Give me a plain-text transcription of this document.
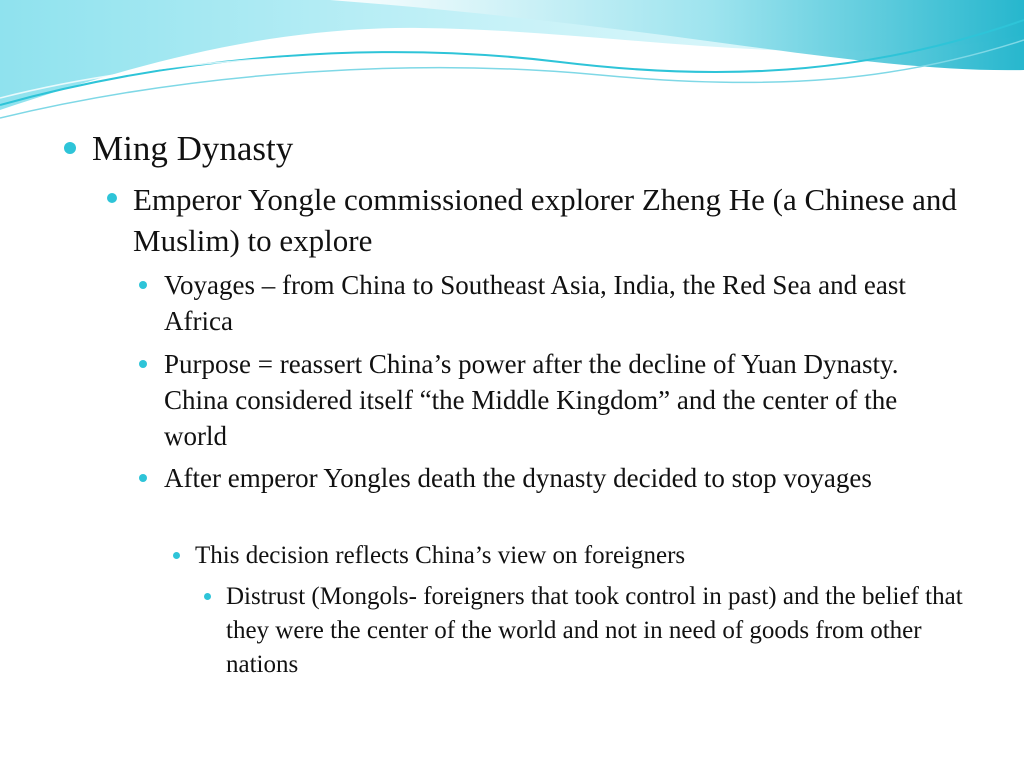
Ming Dynasty
Emperor Yongle commissioned explorer Zheng He (a Chinese and Muslim) to explore
Voyages – from China to Southeast Asia, India, the Red Sea and east Africa
Purpose = reassert China’s power after the decline of Yuan Dynasty. China considered itself “the Middle Kingdom” and the center of the world
After emperor Yongles death the dynasty decided to stop voyages
This decision reflects China’s view on foreigners
Distrust (Mongols- foreigners that took control in past) and the belief that they were the center of the world and not in need of goods from other nations
